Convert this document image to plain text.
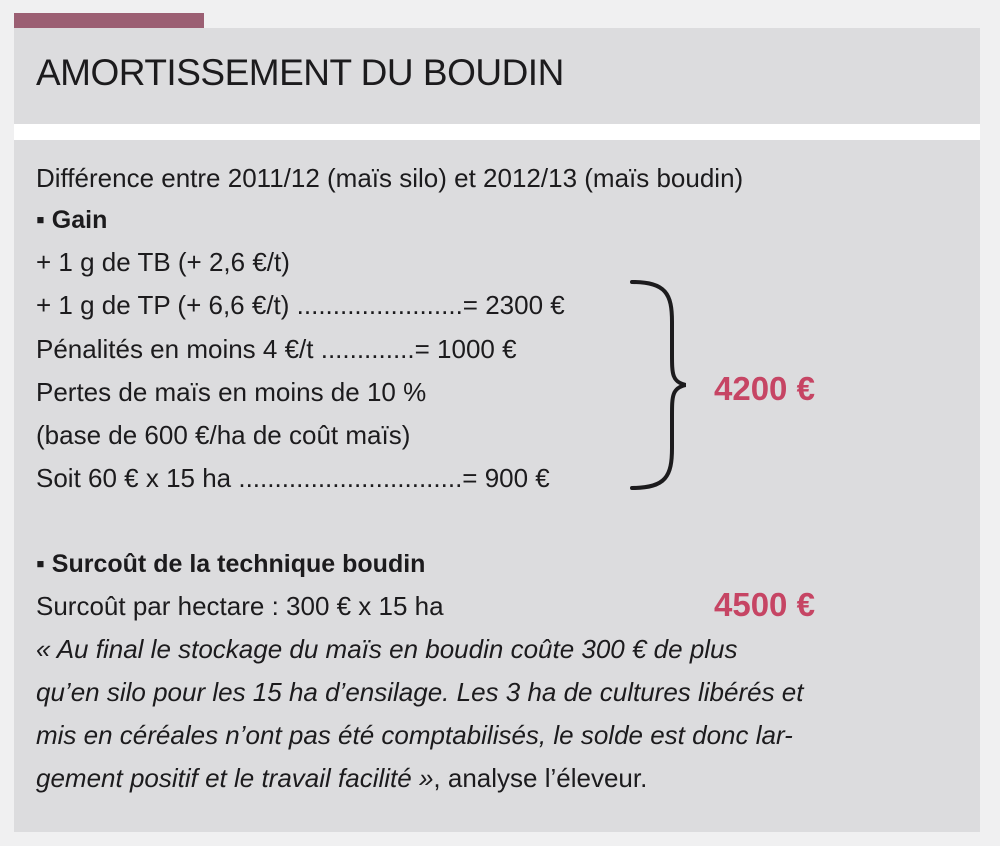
AMORTISSEMENT DU BOUDIN

Différence entre 2011/12 (maïs silo) et 2012/13 (maïs boudin)

▪ Gain

+ 1 g de TB (+ 2,6 €/t)

+ 1 g de TP (+ 6,6 €/t) .......................= 2300 €

Pénalités en moins 4 €/t .............= 1000 €

Pertes de maïs en moins de 10 %

(base de 600 €/ha de coût maïs)

Soit 60 € x 15 ha ...............................= 900 €

4200 €

▪ Surcoût de la technique boudin

Surcoût par hectare : 300 € x 15 ha	4500 €

« Au final le stockage du maïs en boudin coûte 300 € de plus

qu’en silo pour les 15 ha d’ensilage. Les 3 ha de cultures libérés et

mis en céréales n’ont pas été comptabilisés, le solde est donc lar-

gement positif et le travail facilité », analyse l’éleveur.
